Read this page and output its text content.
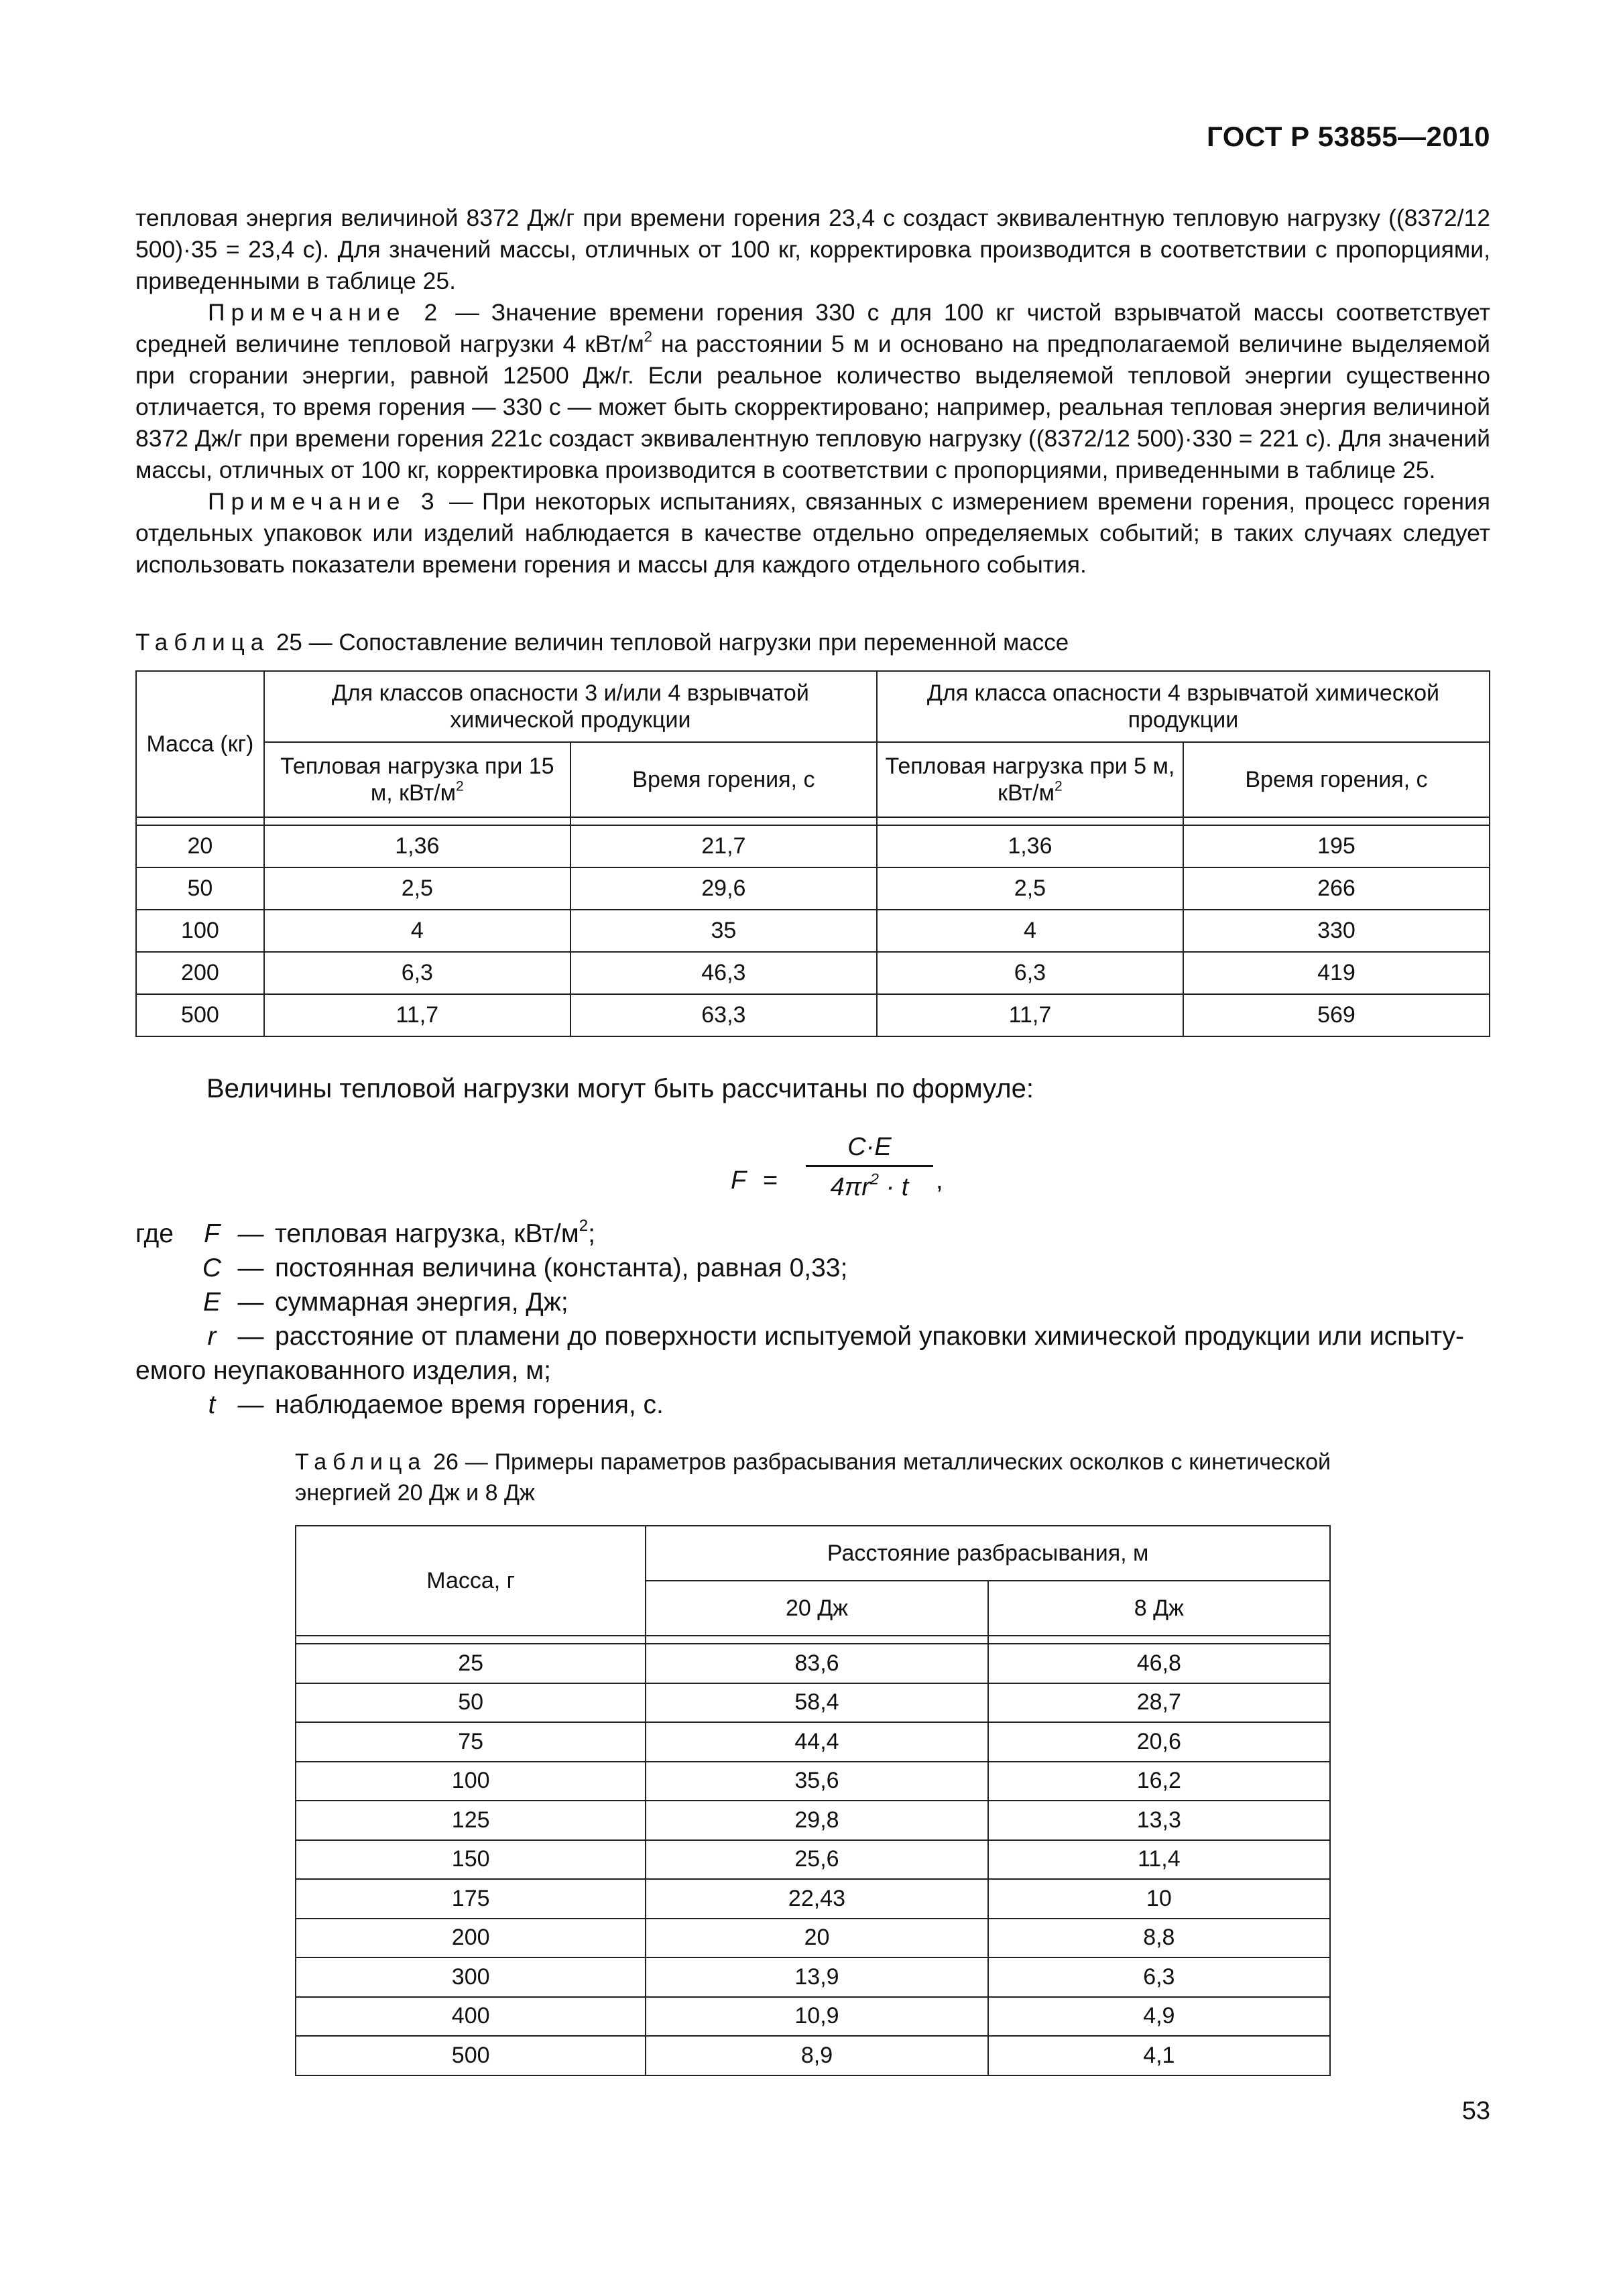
ГОСТ Р 53855—2010

тепловая энергия величиной 8372 Дж/г при времени горения 23,4 с создаст эквивалентную тепловую нагрузку ((8372/12 500)·35 = 23,4 с). Для значений массы, отличных от 100 кг, корректировка производится в соответствии с пропорциями, приведенными в таблице 25.

Примечание 2 — Значение времени горения 330 с для 100 кг чистой взрывчатой массы соответствует средней величине тепловой нагрузки 4 кВт/$м^2$ на расстоянии 5 м и основано на предполагаемой величине выделяемой при сгорании энергии, равной 12500 Дж/г. Если реальное количество выделяемой тепловой энергии существенно отличается, то время горения — 330 с — может быть скорректировано; например, реальная тепловая энергия величиной 8372 Дж/г при времени горения 221с создаст эквивалентную тепловую нагрузку ((8372/12 500)·330 = 221 с). Для значений массы, отличных от 100 кг, корректировка производится в соответствии с пропорциями, приведенными в таблице 25.

Примечание 3 — При некоторых испытаниях, связанных с измерением времени горения, процесс горения отдельных упаковок или изделий наблюдается в качестве отдельно определяемых событий; в таких случаях следует использовать показатели времени горения и массы для каждого отдельного события.

Таблица 25 — Сопоставление величин тепловой нагрузки при переменной массе
Масса (кг)	Для классов опасности 3 и/или 4 взрывчатой химической продукции		Для класса опасности 4 взрывчатой химической продукции	
	Тепловая нагрузка при 15 м, кВт/$м^2$	Время горения, с	Тепловая нагрузка при 5 м, кВт/$м^2$	Время горения, с

20	1,36	21,7	1,36	195
50	2,5	29,6	2,5	266
100	4	35	4	330
200	6,3	46,3	6,3	419
500	11,7	63,3	11,7	569
Величины тепловой нагрузки могут быть рассчитаны по формуле:
F =
C·E
$4\pi r^2 \cdot t$	,
где F — тепловая нагрузка, кВт/$м^2$;
C — постоянная величина (константа), равная 0,33;
E — суммарная энергия, Дж;
r — расстояние от пламени до поверхности испытуемой упаковки химической продукции или испыту-
емого неупакованного изделия, м;
t — наблюдаемое время горения, с.
Таблица 26 — Примеры параметров разбрасывания металлических осколков с кинетической энергией 20 Дж и 8 Дж
Масса, г	Расстояние разбрасывания, м	
	20 Дж	8 Дж

25	83,6	46,8
50	58,4	28,7
75	44,4	20,6
100	35,6	16,2
125	29,8	13,3
150	25,6	11,4
175	22,43	10
200	20	8,8
300	13,9	6,3
400	10,9	4,9
500	8,9	4,1
53
